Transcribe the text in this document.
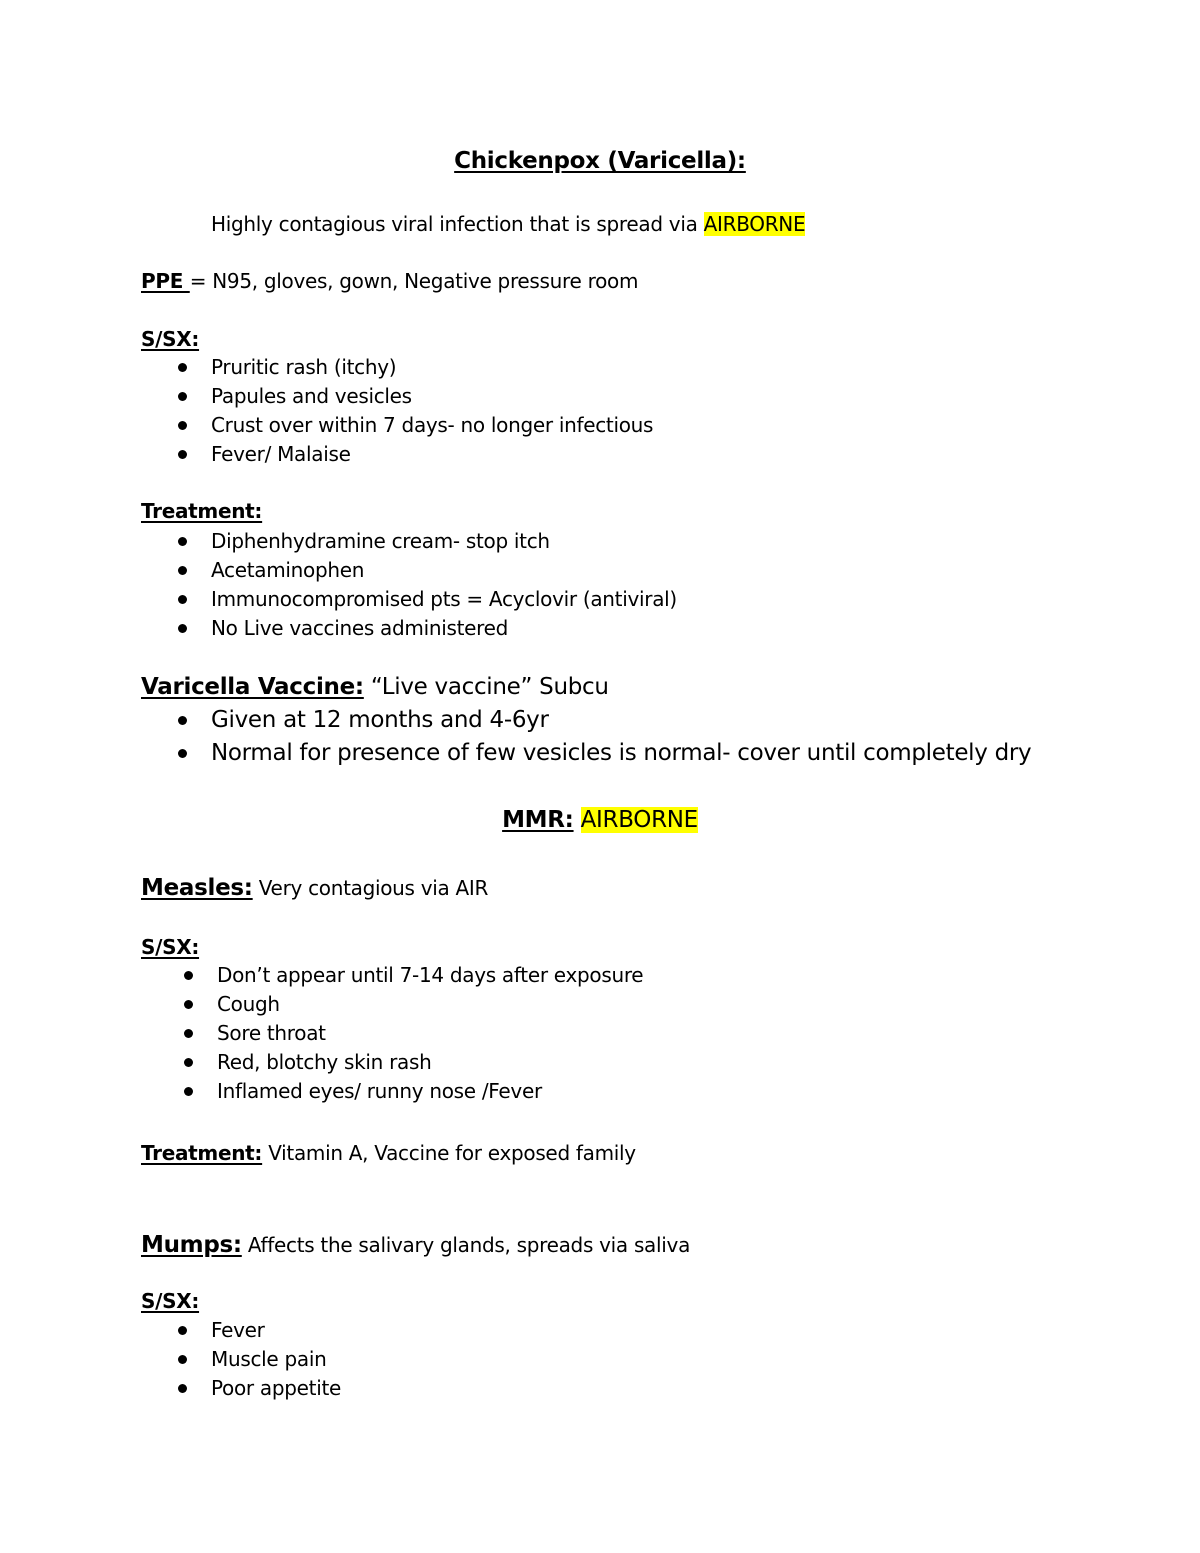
Chickenpox (Varicella):
Highly contagious viral infection that is spread via AIRBORNE
PPE = N95, gloves, gown, Negative pressure room
S/SX:
Pruritic rash (itchy)
Papules and vesicles
Crust over within 7 days- no longer infectious
Fever/ Malaise
Treatment:
Diphenhydramine cream- stop itch
Acetaminophen
Immunocompromised pts = Acyclovir (antiviral)
No Live vaccines administered
Varicella Vaccine: “Live vaccine” Subcu
Given at 12 months and 4-6yr
Normal for presence of few vesicles is normal- cover until completely dry
MMR: AIRBORNE
Measles: Very contagious via AIR
S/SX:
Don’t appear until 7-14 days after exposure
Cough
Sore throat
Red, blotchy skin rash
Inflamed eyes/ runny nose /Fever
Treatment: Vitamin A, Vaccine for exposed family
Mumps: Affects the salivary glands, spreads via saliva
S/SX:
Fever
Muscle pain
Poor appetite
